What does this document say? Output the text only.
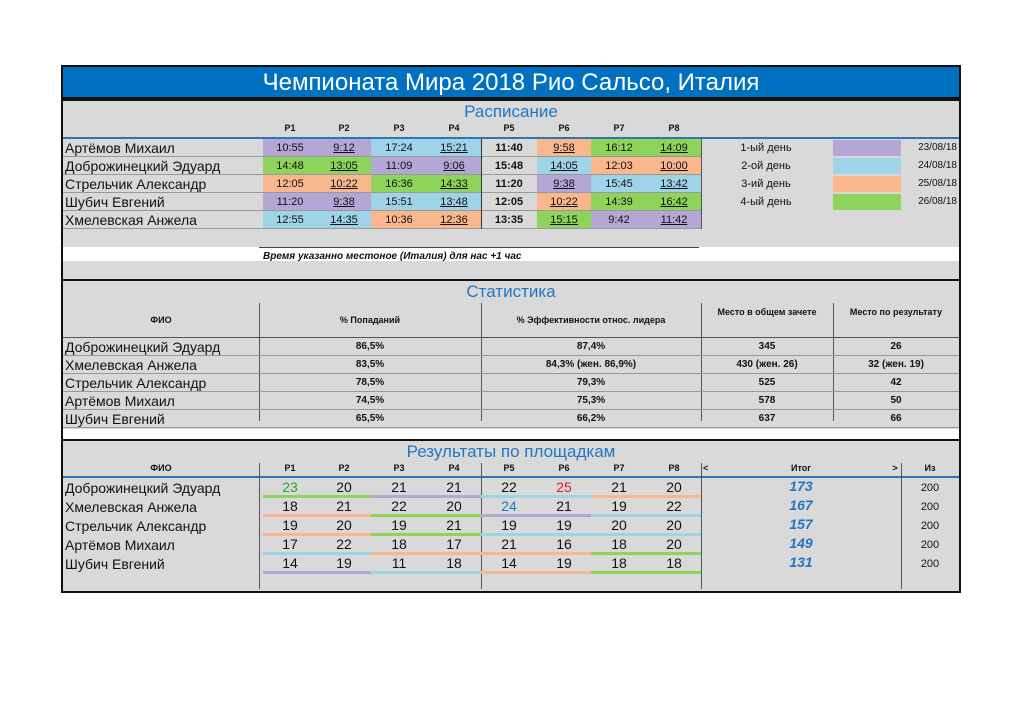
Чемпионата Мира 2018 Рио Сальсо, Италия
Расписание
P1	P2	P3	P4	P5	P6	P7	P8
Артёмов Михаил	10:55	9:12	17:24	15:21	11:40	9:58	16:12	14:09
Доброжинецкий Эдуард	14:48	13:05	11:09	9:06	15:48	14:05	12:03	10:00
Стрельчик Александр	12:05	10:22	16:36	14:33	11:20	9:38	15:45	13:42
Шубич Евгений	11:20	9:38	15:51	13:48	12:05	10:22	14:39	16:42
Хмелевская Анжела	12:55	14:35	10:36	12:36	13:35	15:15	9:42	11:42
1-ый день	23/08/18
2-ой день	24/08/18
3-ий день	25/08/18
4-ый день	26/08/18
Время указанно местоное (Италия) для нас +1 час
Статистика
ФИО	% Попаданий	% Эффективности относ. лидера
Место в общем зачете	Место по результату
Доброжинецкий Эдуард	86,5%	87,4%	345	26
Хмелевская Анжела	83,5%	84,3% (жен. 86,9%)	430 (жен. 26)	32 (жен. 19)
Стрельчик Александр	78,5%	79,3%	525	42
Артёмов Михаил	74,5%	75,3%	578	50
Шубич Евгений	65,5%	66,2%	637	66
Результаты по площадкам
ФИО	P1	P2	P3	P4	P5	P6	P7	P8	<	Итог	>	Из
Доброжинецкий Эдуард	23	20	21	21	22	25	21	20	173	200
Хмелевская Анжела	18	21	22	20	24	21	19	22	167	200
Стрельчик Александр	19	20	19	21	19	19	20	20	157	200
Артёмов Михаил	17	22	18	17	21	16	18	20	149	200
Шубич Евгений	14	19	11	18	14	19	18	18	131	200
